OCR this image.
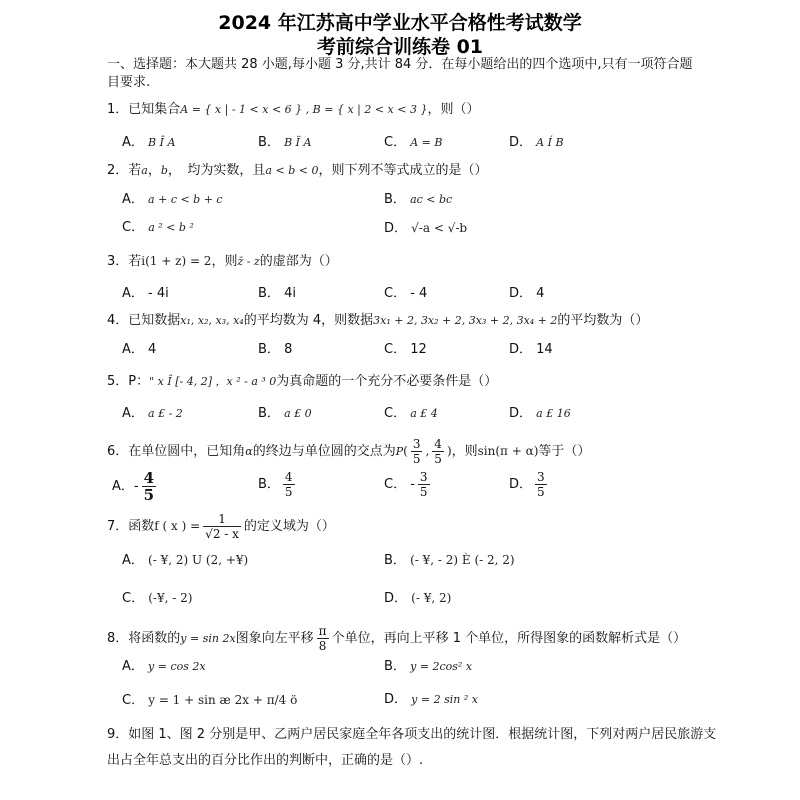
2024 年江苏高中学业水平合格性考试数学
考前综合训练卷 01
一、选择题：本大题共 28 小题,每小题 3 分,共计 84 分．在每小题给出的四个选项中,只有一项符合题目要求.
1．已知集合A = { x | - 1 < x < 6 } , B = { x | 2 < x < 3 }，则（）
A． B Î A	B． B Ï A	C． A = B	D． A Í B
2．若a，b，　均为实数，且a < b < 0，则下列不等式成立的是（）
A． a + c < b + c	B． ac < bc
C． a ² < b ²	D． √-a < √-b
3．若i(1 + z) = 2，则z̄ - z的虚部为（）
A． - 4i	B． 4i	C． - 4	D． 4
4．已知数据x₁, x₂, x₃, x₄的平均数为 4，则数据3x₁ + 2, 3x₂ + 2, 3x₃ + 2, 3x₄ + 2的平均数为（）
A． 4	B． 8	C． 12	D． 14
5．P：" x Î [- 4, 2] ，x ² - a ³ 0为真命题的一个充分不必要条件是（）
A． a £ - 2	B． a £ 0	C． a £ 4	D． a £ 16
6．在单位圆中，已知角α的终边与单位圆的交点为$P( \frac{3}{5}$ , $\frac{4}{5}$ )，则sin(π + α)等于（）
A．- $\frac{4}{5}$	B． $\frac{4}{5}$	C． - $\frac{3}{5}$	D． $\frac{3}{5}$
7．函数f ( x ) = $\frac{1}{√2 - x}$ 的定义域为（）
A． (- ¥, 2) U (2, +¥)	B． (- ¥, - 2) È (- 2, 2)
C． (-¥, - 2)	D． (- ¥, 2)
8．将函数的y = sin 2x图象向左平移 $\frac{\pi}{8}$ 个单位，再向上平移 1 个单位，所得图象的函数解析式是（）
A． y = cos 2x	B． y = 2cos² x
C． y = 1 + sin æ 2x + π/4 ö	D． y = 2 sin ² x
9．如图 1、图 2 分别是甲、乙两户居民家庭全年各项支出的统计图．根据统计图，下列对两户居民旅游支
出占全年总支出的百分比作出的判断中，正确的是（）.
